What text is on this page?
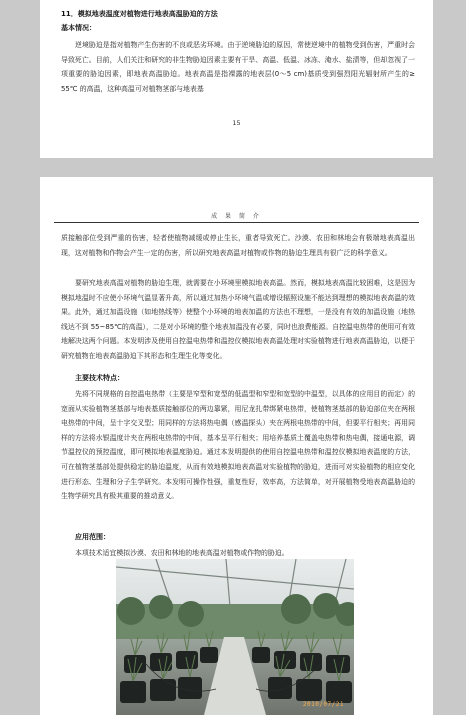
11．模拟地表温度对植物进行地表高温胁迫的方法
基本情况：

逆境胁迫是指对植物产生伤害的不良或恶劣环境。由于逆境胁迫的原因，常使逆境中的植物受到伤害，严重时会导致死亡。目前，人们关注和研究的非生物胁迫因素主要有干旱、高温、低温、冰冻、淹水、盐渍等，但却忽视了一项重要的胁迫因素，即地表高温胁迫。地表高温是指裸露的地表层(0～5 cm)基质受到强烈阳光辐射所产生的≥ 55℃ 的高温，这种高温可对植物茎部与地表基

15
成 果 简 介

质接触部位受到严重的伤害，轻者使植物减缓或停止生长，重者导致死亡。沙漠、农田和林地会有极端地表高温出现，这对植物和作物会产生一定的伤害，所以研究地表高温对植物或作物的胁迫生理具有很广泛的科学意义。

要研究地表高温对植物的胁迫生理，就需要在小环境里模拟地表高温。然而，模拟地表高温比较困难，这是因为模拟地温时不应使小环境气温显著升高，所以通过加热小环境气温或增设辐照设施不能达到理想的模拟地表高温的效果。此外，通过加温设施（如地热线等）使整个小环境的地表加温的方法也不理想，一是没有有效的加温设施（地热线达不到 55~85℃的高温），二是对小环境的整个地表加温没有必要，同时也浪费能源。自控温电热带的使用可有效地解决这两个问题。本发明涉及使用自控温电热带和温控仪模拟地表高温处理对实验植物进行地表高温胁迫，以便于研究植物在地表高温胁迫下其形态和生理生化等变化。

主要技术特点：

先将不同规格的自控温电热带（主要是窄型和宽型的低温型和窄型和宽型的中温型，以具体的应用目的而定）的宽面从实验植物茎基部与地表基质接触部位的两边靠紧，用尼龙扎带绑紧电热带，使植物茎基部的胁迫部位夹在两根电热带的中间，呈十字交叉型；用同样的方法将热电偶（感温探头）夹在两根电热带的中间，但要平行相夹；再用同样的方法将水银温度计夹在两根电热带的中间，基本呈平行相夹；用培养基质土覆盖电热带和热电偶，接通电源，调节温控仪的预控温度，即可模拟地表温度胁迫。通过本发明提供的使用自控温电热带和温控仪模拟地表温度的方法，可在植物茎基部处提供稳定的胁迫温度，从而有效地模拟地表高温对实验植物的胁迫，进而可对实验植物的相应变化进行形态、生理和分子生学研究。本发明可操作性强，重复性好，效率高，方法简单，对开展植物受地表高温胁迫的生物学研究具有极其重要的推动意义。

应用范围：

本项技术适宜模拟沙漠、农田和林地的地表高温对植物或作物的胁迫。

2010/07/21
